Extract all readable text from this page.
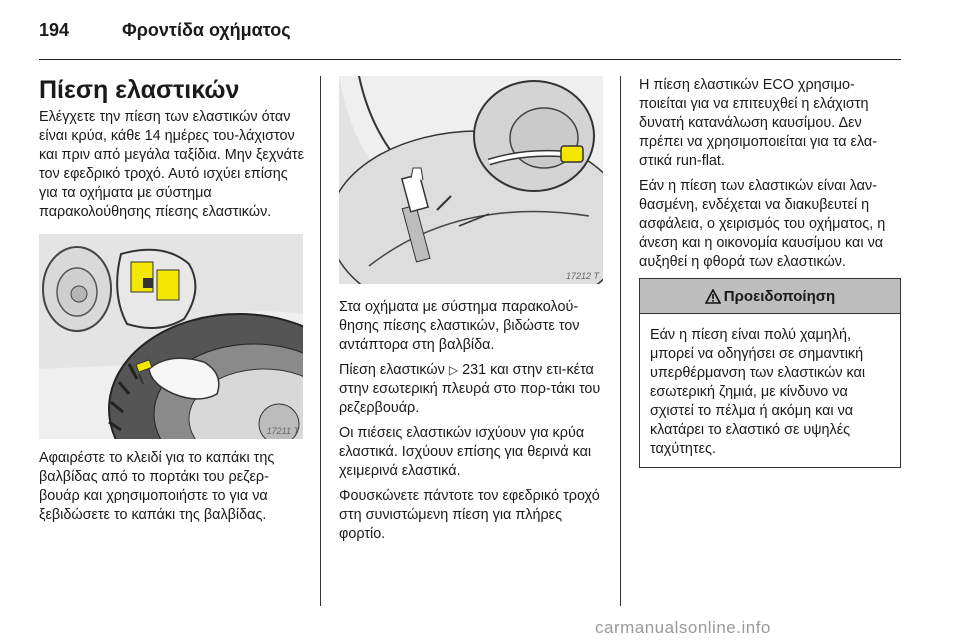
194	Φροντίδα οχήματος
Πίεση ελαστικών

Ελέγχετε την πίεση των ελαστικών όταν είναι κρύα, κάθε 14 ημέρες του-λάχιστον και πριν από μεγάλα ταξίδια. Μην ξεχνάτε τον εφεδρικό τροχό. Αυτό ισχύει επίσης για τα οχήματα με σύστημα παρακολούθησης πίεσης ελαστικών.

17211 T

Αφαιρέστε το κλειδί για το καπάκι της βαλβίδας από το πορτάκι του ρεζερ-βουάρ και χρησιμοποιήστε το για να ξεβιδώσετε το καπάκι της βαλβίδας.

17212 T

Στα οχήματα με σύστημα παρακολού-θησης πίεσης ελαστικών, βιδώστε τον αντάπτορα στη βαλβίδα.

Πίεση ελαστικών ▷ 231 και στην ετι-κέτα στην εσωτερική πλευρά στο πορ-τάκι του ρεζερβουάρ.

Οι πιέσεις ελαστικών ισχύουν για κρύα ελαστικά. Ισχύουν επίσης για θερινά και χειμερινά ελαστικά.

Φουσκώνετε πάντοτε τον εφεδρικό τροχό στη συνιστώμενη πίεση για πλήρες φορτίο.

Η πίεση ελαστικών ECO χρησιμο-ποιείται για να επιτευχθεί η ελάχιστη δυνατή κατανάλωση καυσίμου. Δεν πρέπει να χρησιμοποιείται για τα ελα-στικά run-flat.

Εάν η πίεση των ελαστικών είναι λαν-θασμένη, ενδέχεται να διακυβευτεί η ασφάλεια, ο χειρισμός του οχήματος, η άνεση και η οικονομία καυσίμου και να αυξηθεί η φθορά των ελαστικών.

Προειδοποίηση

Εάν η πίεση είναι πολύ χαμηλή, μπορεί να οδηγήσει σε σημαντική υπερθέρμανση των ελαστικών και εσωτερική ζημιά, με κίνδυνο να σχιστεί το πέλμα ή ακόμη και να κλατάρει το ελαστικό σε υψηλές ταχύτητες.

carmanualsonline.info
